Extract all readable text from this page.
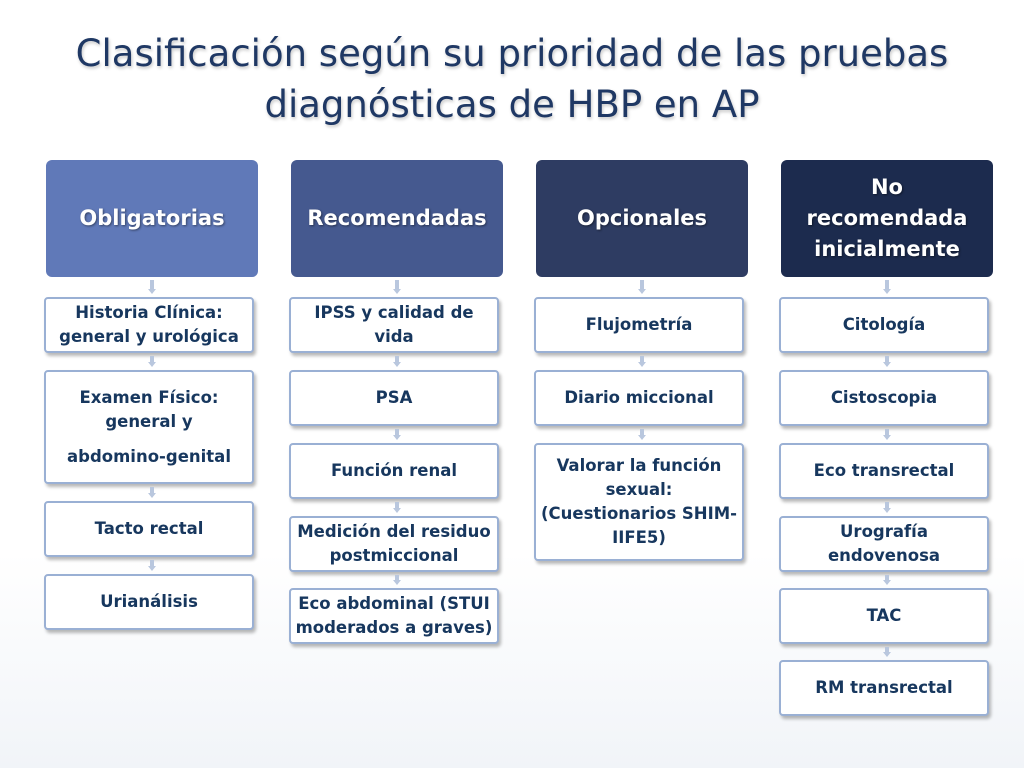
Clasificación según su prioridad de las pruebas
diagnósticas de HBP en AP
Obligatorias
Historia Clínica:
general y urológica
Examen Físico:
general y
abdomino-genital
Tacto rectal
Urianálisis
Recomendadas
IPSS y calidad de vida
PSA
Función renal
Medición del residuo
postmiccional
Eco abdominal (STUI
moderados a graves)
Opcionales
Flujometría
Diario miccional
Valorar la función
sexual:
(Cuestionarios SHIM-
IIFE5)
No
recomendada
inicialmente
Citología
Cistoscopia
Eco transrectal
Urografía
endovenosa
TAC
RM transrectal
